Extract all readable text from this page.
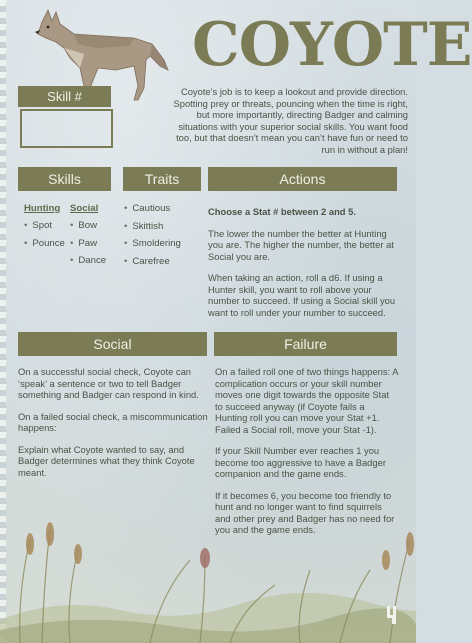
COYOTE

Coyote’s job is to keep a lookout and provide direction. Spotting prey or threats, pouncing when the time is right, but more importantly, directing Badger and calming situations with your superior social skills. You want food too, but that doesn’t mean you can’t have fun or need to run in without a plan!

Skill #
Skills	Traits	Actions
Hunting
• Spot
• Pounce
Social
• Bow
• Paw
• Dance
• Cautious
• Skittish
• Smoldering
• Carefree

Choose a Stat # between 2 and 5.

The lower the number the better at Hunting you are. The higher the number, the better at Social you are.

When taking an action, roll a d6. If using a Hunter skill, you want to roll above your number to succeed. If using a Social skill you want to roll under your number to succeed.

Social	Failure

On a successful social check, Coyote can ‘speak’ a sentence or two to tell Badger something and Badger can respond in kind.

On a failed social check, a miscommunication happens:

Explain what Coyote wanted to say, and Badger determines what they think Coyote meant.

On a failed roll one of two things happens: A complication occurs or your skill number moves one digit towards the opposite Stat to succeed anyway (if Coyote fails a Hunting roll you can move your Stat +1. Failed a Social roll, move your Stat -1).

If your Skill Number ever reaches 1 you become too aggressive to have a Badger companion and the game ends.

If it becomes 6, you become too friendly to hunt and no longer want to find squirrels and other prey and Badger has no need for you and the game ends.
